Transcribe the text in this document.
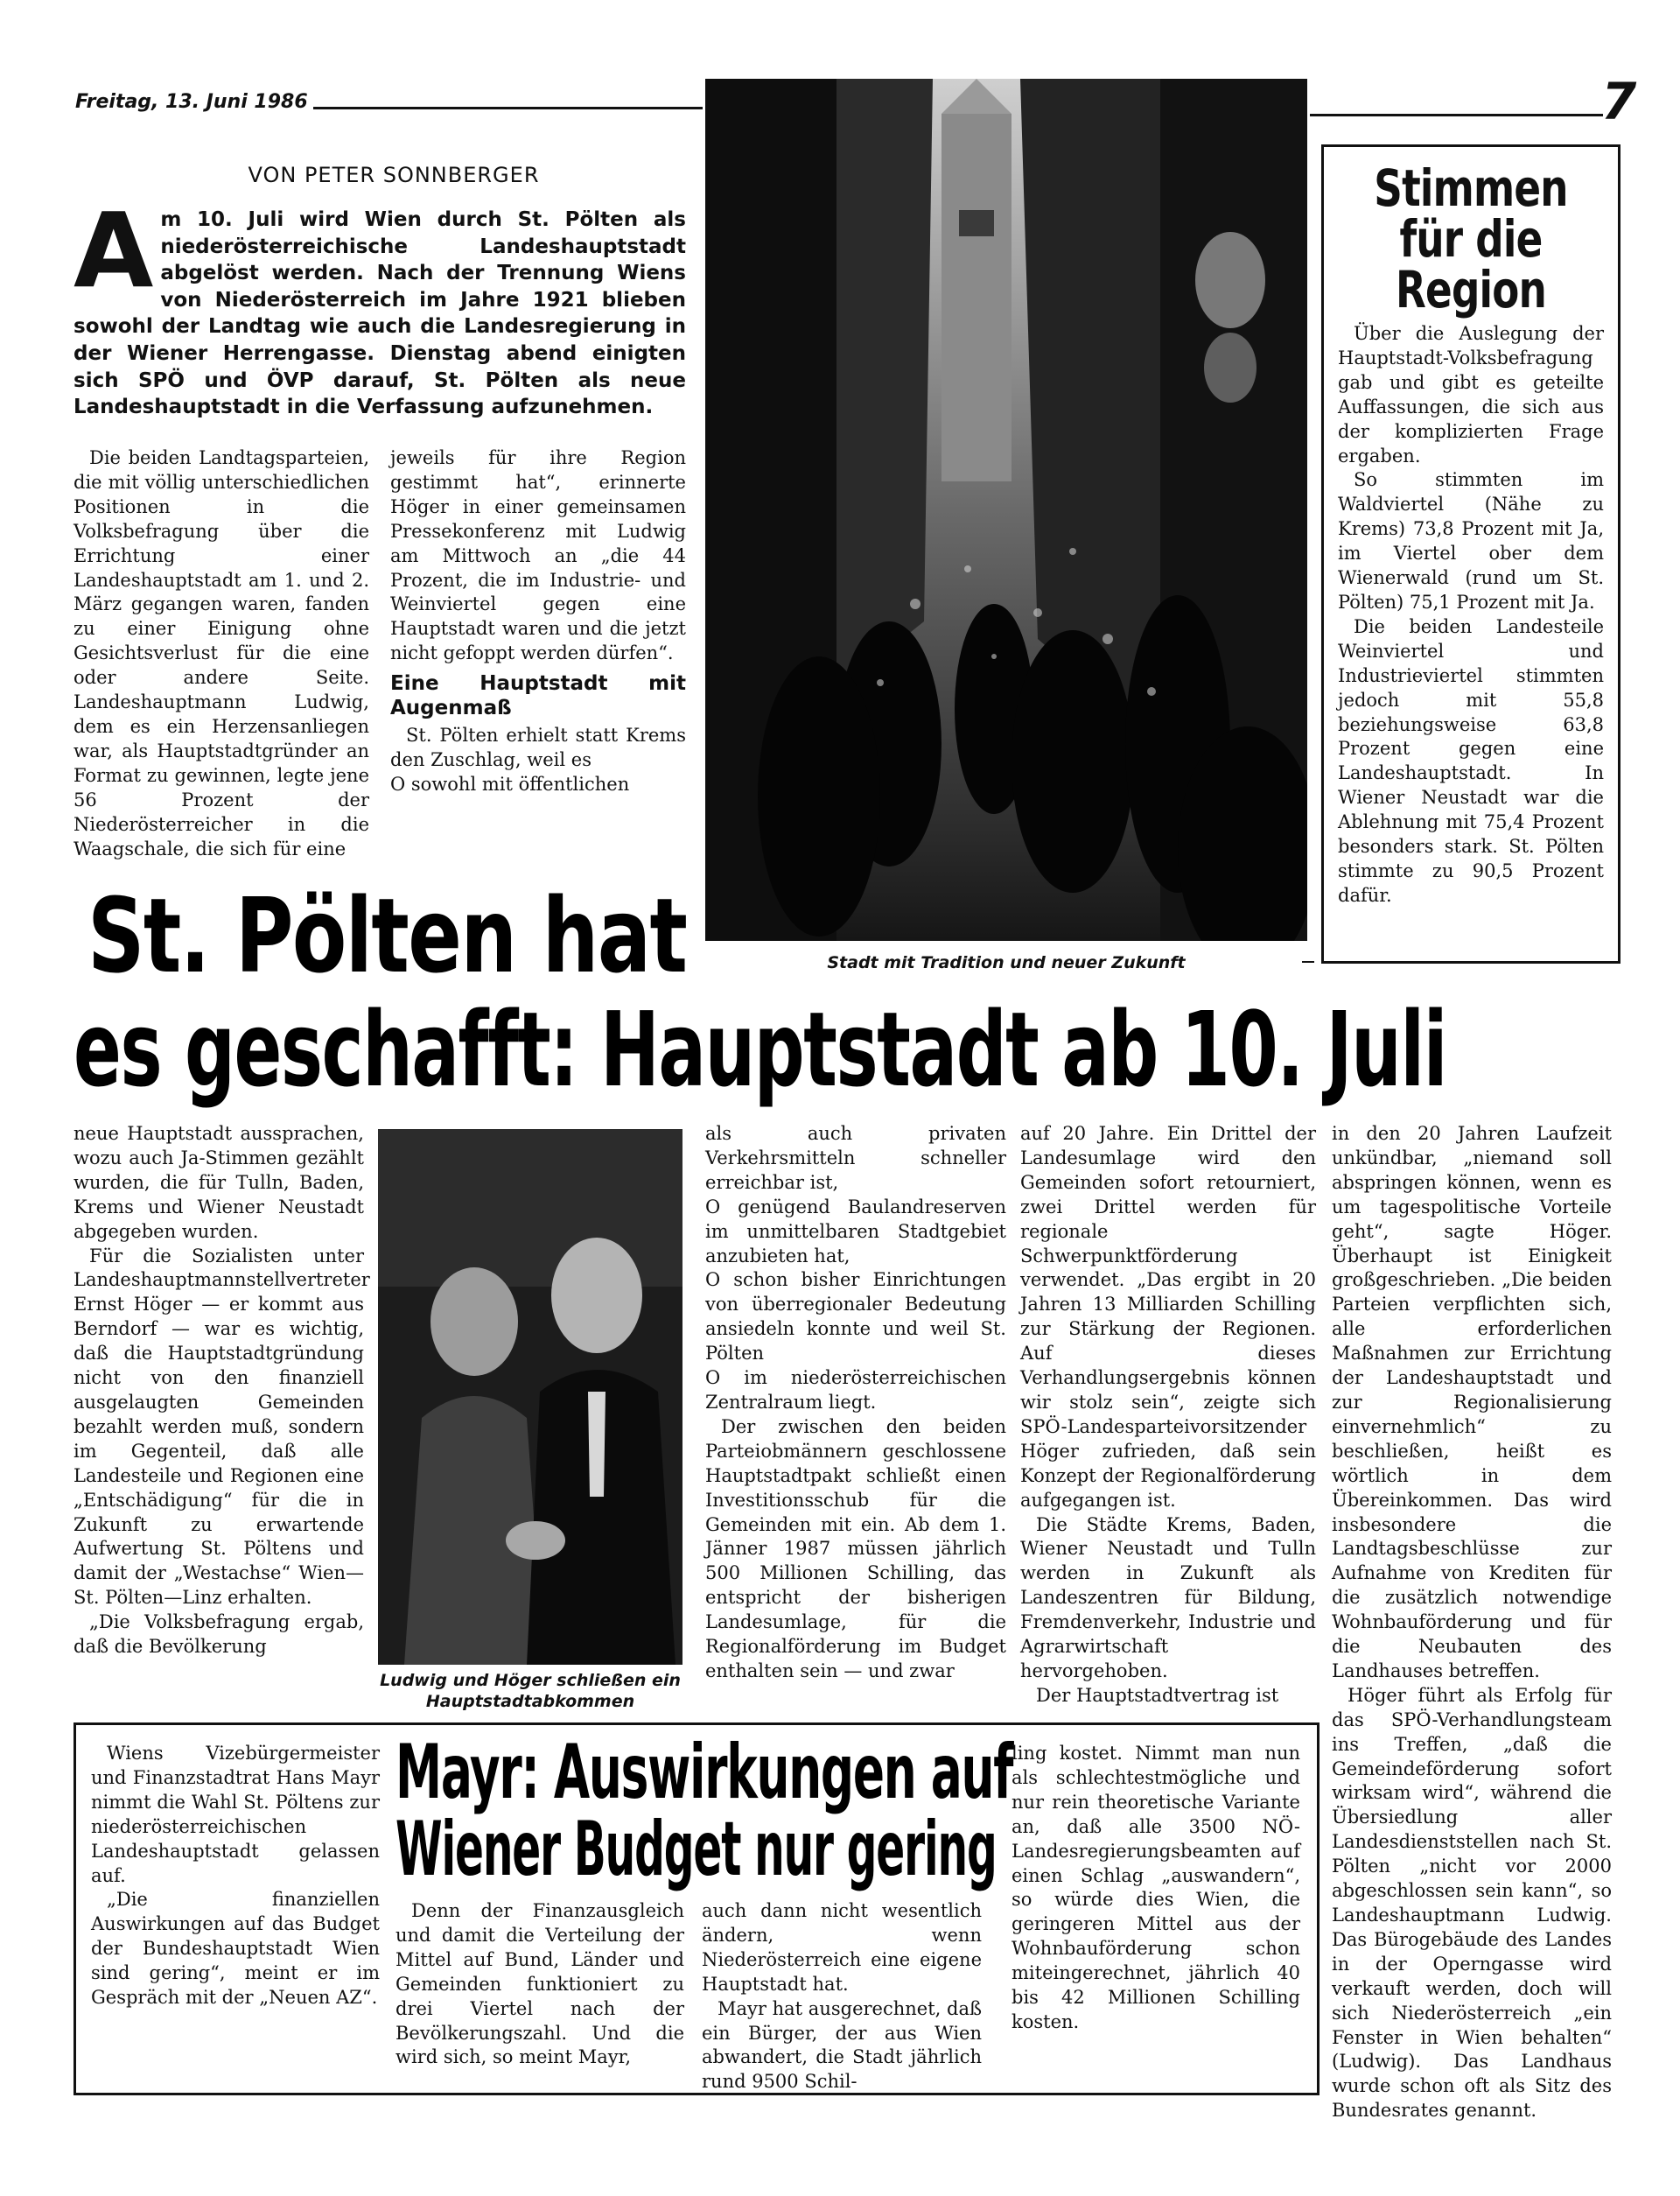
Freitag, 13. Juni 1986	7
VON PETER SONNBERGER
Am 10. Juli wird Wien durch St. Pölten als niederösterreichische Landeshauptstadt abgelöst werden. Nach der Trennung Wiens von Niederösterreich im Jahre 1921 blieben sowohl der Landtag wie auch die Landesregierung in der Wiener Herrengasse. Dienstag abend einigten sich SPÖ und ÖVP darauf, St. Pölten als neue Landeshauptstadt in die Verfassung aufzunehmen.

Die beiden Landtagsparteien, die mit völlig unterschiedlichen Positionen in die Volksbefragung über die Errichtung einer Landeshauptstadt am 1. und 2. März gegangen waren, fanden zu einer Einigung ohne Gesichtsverlust für die eine oder andere Seite. Landeshauptmann Ludwig, dem es ein Herzensanliegen war, als Hauptstadtgründer an Format zu gewinnen, legte jene 56 Prozent der Niederösterreicher in die Waagschale, die sich für eine

jeweils für ihre Region gestimmt hat“, erinnerte Höger in einer gemeinsamen Pressekonferenz mit Ludwig am Mittwoch an „die 44 Prozent, die im Industrie- und Weinviertel gegen eine Hauptstadt waren und die jetzt nicht gefoppt werden dürfen“.

Eine Hauptstadt mit Augenmaß

St. Pölten erhielt statt Krems den Zuschlag, weil es

O sowohl mit öffentlichen

Stadt mit Tradition und neuer Zukunft
Stimmen
für die
Region

Über die Auslegung der Hauptstadt-Volksbefragung gab und gibt es geteilte Auffassungen, die sich aus der komplizierten Frage ergaben.

So stimmten im Waldviertel (Nähe zu Krems) 73,8 Prozent mit Ja, im Viertel ober dem Wienerwald (rund um St. Pölten) 75,1 Prozent mit Ja.

Die beiden Landesteile Weinviertel und Industrieviertel stimmten jedoch mit 55,8 beziehungsweise 63,8 Prozent gegen eine Landeshauptstadt. In Wiener Neustadt war die Ablehnung mit 75,4 Prozent besonders stark. St. Pölten stimmte zu 90,5 Prozent dafür.

St. Pölten hat
es geschafft: Hauptstadt ab 10. Juli

neue Hauptstadt aussprachen, wozu auch Ja-Stimmen gezählt wurden, die für Tulln, Baden, Krems und Wiener Neustadt abgegeben wurden.

Für die Sozialisten unter Landeshauptmannstellvertreter Ernst Höger — er kommt aus Berndorf — war es wichtig, daß die Hauptstadtgründung nicht von den finanziell ausgelaugten Gemeinden bezahlt werden muß, sondern im Gegenteil, daß alle Landesteile und Regionen eine „Entschädigung“ für die in Zukunft zu erwartende Aufwertung St. Pöltens und damit der „Westachse“ Wien—St. Pölten—Linz erhalten.

„Die Volksbefragung ergab, daß die Bevölkerung

Ludwig und Höger schließen ein Hauptstadtabkommen

als auch privaten Verkehrsmitteln schneller erreichbar ist,

O genügend Baulandreserven im unmittelbaren Stadtgebiet anzubieten hat,

O schon bisher Einrichtungen von überregionaler Bedeutung ansiedeln konnte und weil St. Pölten

O im niederösterreichischen Zentralraum liegt.

Der zwischen den beiden Parteiobmännern geschlossene Hauptstadtpakt schließt einen Investitionsschub für die Gemeinden mit ein. Ab dem 1. Jänner 1987 müssen jährlich 500 Millionen Schilling, das entspricht der bisherigen Landesumlage, für die Regionalförderung im Budget enthalten sein — und zwar

auf 20 Jahre. Ein Drittel der Landesumlage wird den Gemeinden sofort retourniert, zwei Drittel werden für regionale Schwerpunktförderung verwendet. „Das ergibt in 20 Jahren 13 Milliarden Schilling zur Stärkung der Regionen. Auf dieses Verhandlungsergebnis können wir stolz sein“, zeigte sich SPÖ-Landesparteivorsitzender Höger zufrieden, daß sein Konzept der Regionalförderung aufgegangen ist.

Die Städte Krems, Baden, Wiener Neustadt und Tulln werden in Zukunft als Landeszentren für Bildung, Fremdenverkehr, Industrie und Agrarwirtschaft hervorgehoben.

Der Hauptstadtvertrag ist

in den 20 Jahren Laufzeit unkündbar, „niemand soll abspringen können, wenn es um tagespolitische Vorteile geht“, sagte Höger. Überhaupt ist Einigkeit großgeschrieben. „Die beiden Parteien verpflichten sich, alle erforderlichen Maßnahmen zur Errichtung der Landeshauptstadt und zur Regionalisierung einvernehmlich“ zu beschließen, heißt es wörtlich in dem Übereinkommen. Das wird insbesondere die Landtagsbeschlüsse zur Aufnahme von Krediten für die zusätzlich notwendige Wohnbauförderung und für die Neubauten des Landhauses betreffen.

Höger führt als Erfolg für das SPÖ-Verhandlungsteam ins Treffen, „daß die Gemeindeförderung sofort wirksam wird“, während die Übersiedlung aller Landesdienststellen nach St. Pölten „nicht vor 2000 abgeschlossen sein kann“, so Landeshauptmann Ludwig. Das Bürogebäude des Landes in der Operngasse wird verkauft werden, doch will sich Niederösterreich „ein Fenster in Wien behalten“ (Ludwig). Das Landhaus wurde schon oft als Sitz des Bundesrates genannt.

Wiens Vizebürgermeister und Finanzstadtrat Hans Mayr nimmt die Wahl St. Pöltens zur niederösterreichischen Landeshauptstadt gelassen auf.

„Die finanziellen Auswirkungen auf das Budget der Bundeshauptstadt Wien sind gering“, meint er im Gespräch mit der „Neuen AZ“.

Mayr: Auswirkungen auf
Wiener Budget nur gering

Denn der Finanzausgleich und damit die Verteilung der Mittel auf Bund, Länder und Gemeinden funktioniert zu drei Viertel nach der Bevölkerungszahl. Und die wird sich, so meint Mayr,

auch dann nicht wesentlich ändern, wenn Niederösterreich eine eigene Hauptstadt hat.

Mayr hat ausgerechnet, daß ein Bürger, der aus Wien abwandert, die Stadt jährlich rund 9500 Schil-

ling kostet. Nimmt man nun als schlechtestmögliche und nur rein theoretische Variante an, daß alle 3500 NÖ-Landesregierungsbeamten auf einen Schlag „auswandern“, so würde dies Wien, die geringeren Mittel aus der Wohnbauförderung schon miteingerechnet, jährlich 40 bis 42 Millionen Schilling kosten.
